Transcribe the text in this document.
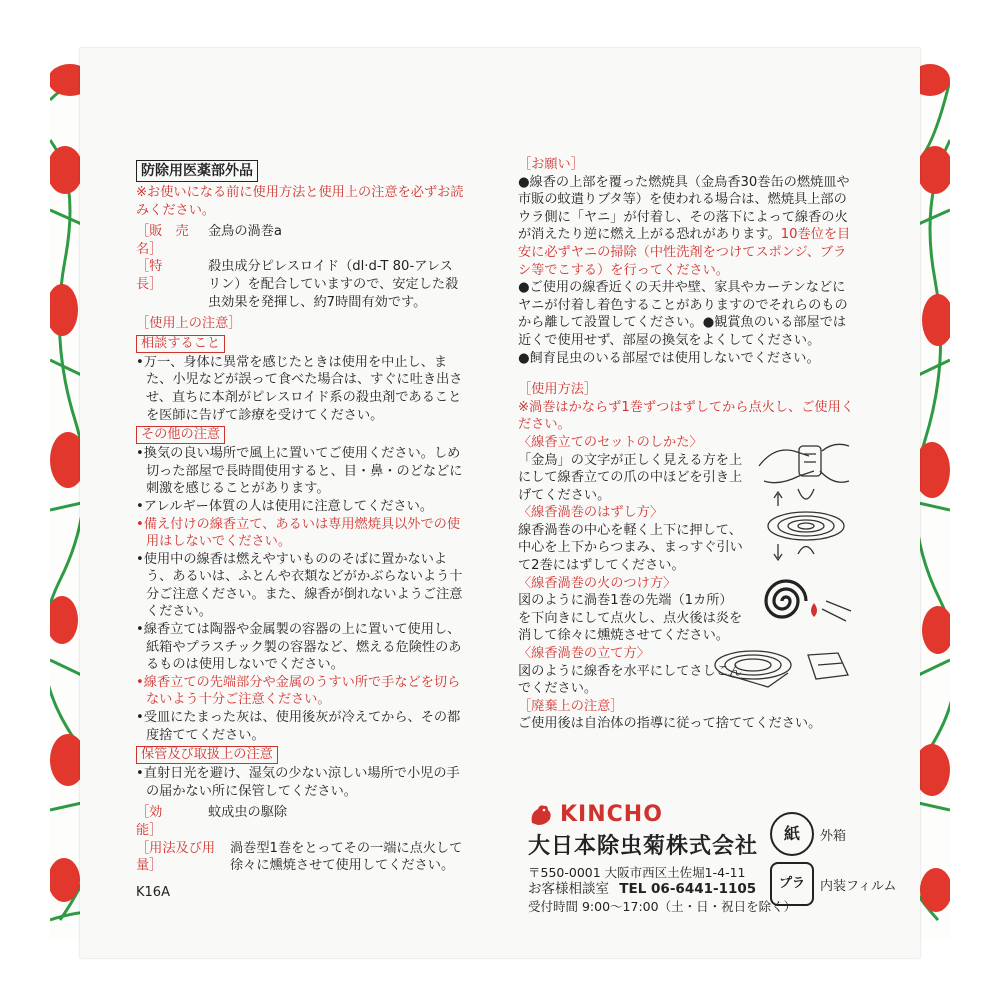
防除用医薬部外品
※お使いになる前に使用方法と使用上の注意を必ずお読みください。
［販　売　名］
金鳥の渦巻a
［特　　　長］
殺虫成分ピレスロイド（dl·d-T 80-アレスリン）を配合していますので、安定した殺虫効果を発揮し、約7時間有効です。
［使用上の注意］
相談すること
•万一、身体に異常を感じたときは使用を中止し、また、小児などが誤って食べた場合は、すぐに吐き出させ、直ちに本剤がピレスロイド系の殺虫剤であることを医師に告げて診療を受けてください。
その他の注意
•換気の良い場所で風上に置いてご使用ください。しめ切った部屋で長時間使用すると、目・鼻・のどなどに刺激を感じることがあります。
•アレルギー体質の人は使用に注意してください。
•備え付けの線香立て、あるいは専用燃焼具以外での使用はしないでください。
•使用中の線香は燃えやすいもののそばに置かないよう、あるいは、ふとんや衣類などがかぶらないよう十分ご注意ください。また、線香が倒れないようご注意ください。
•線香立ては陶器や金属製の容器の上に置いて使用し、紙箱やプラスチック製の容器など、燃える危険性のあるものは使用しないでください。
•線香立ての先端部分や金属のうすい所で手などを切らないよう十分ご注意ください。
•受皿にたまった灰は、使用後灰が冷えてから、その都度捨ててください。
保管及び取扱上の注意
•直射日光を避け、湿気の少ない涼しい場所で小児の手の届かない所に保管してください。
［効　　　能］
蚊成虫の駆除
［用法及び用量］
渦巻型1巻をとってその一端に点火して徐々に燻焼させて使用してください。
K16A
［お願い］
●線香の上部を覆った燃焼具（金鳥香30巻缶の燃焼皿や市販の蚊遣りブタ等）を使われる場合は、燃焼具上部のウラ側に「ヤニ」が付着し、その落下によって線香の火が消えたり逆に燃え上がる恐れがあります。10巻位を目安に必ずヤニの掃除（中性洗剤をつけてスポンジ、ブラシ等でこする）を行ってください。
●ご使用の線香近くの天井や壁、家具やカーテンなどにヤニが付着し着色することがありますのでそれらのものから離して設置してください。●観賞魚のいる部屋では近くで使用せず、部屋の換気をよくしてください。
●飼育昆虫のいる部屋では使用しないでください。
［使用方法］
※渦巻はかならず1巻ずつはずしてから点火し、ご使用ください。
〈線香立てのセットのしかた〉
「金鳥」の文字が正しく見える方を上にして線香立ての爪の中ほどを引き上げてください。
〈線香渦巻のはずし方〉
線香渦巻の中心を軽く上下に押して、中心を上下からつまみ、まっすぐ引いて2巻にはずしてください。
〈線香渦巻の火のつけ方〉
図のように渦巻1巻の先端（1カ所）を下向きにして点火し、点火後は炎を消して徐々に燻焼させてください。
〈線香渦巻の立て方〉
図のように線香を水平にしてさしこんでください。
［廃棄上の注意］
ご使用後は自治体の指導に従って捨ててください。
KINCHO
大日本除虫菊株式会社
〒550-0001 大阪市西区土佐堀1-4-11
お客様相談室 TEL 06-6441-1105
受付時間 9:00〜17:00（土・日・祝日を除く）
紙	外箱
プラ	内装フィルム
